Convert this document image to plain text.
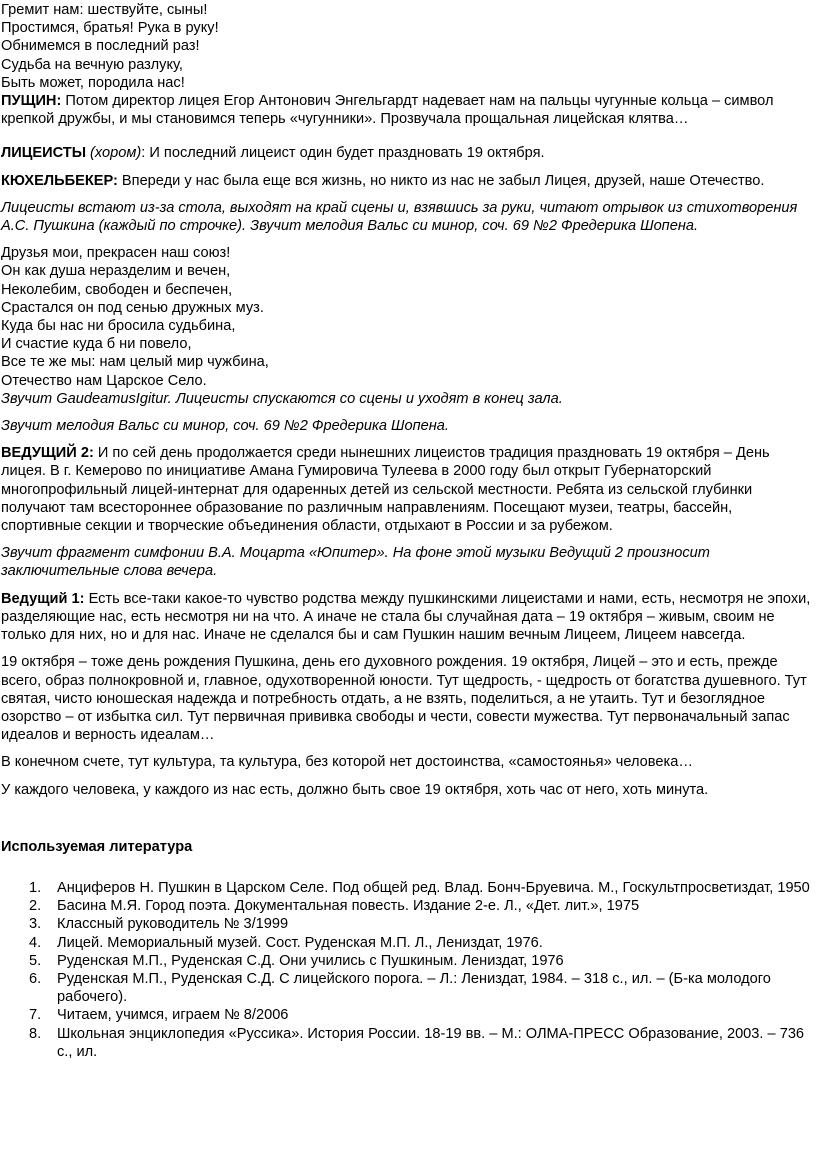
Гремит нам: шествуйте, сыны!
Простимся, братья! Рука в руку!
Обнимемся в последний раз!
Судьба на вечную разлуку,
Быть может, породила нас!

ПУЩИН: Потом директор лицея Егор Антонович Энгельгардт надевает нам на пальцы чугунные кольца – символ крепкой дружбы, и мы становимся теперь «чугунники». Прозвучала прощальная лицейская клятва…

ЛИЦЕИСТЫ (хором): И последний лицеист один будет праздновать 19 октября.

КЮХЕЛЬБЕКЕР: Впереди у нас была еще вся жизнь, но никто из нас не забыл Лицея, друзей, наше Отечество.

Лицеисты встают из-за стола, выходят на край сцены и, взявшись за руки, читают отрывок из стихотворения А.С. Пушкина (каждый по строчке). Звучит мелодия Вальс си минор, соч. 69 №2 Фредерика Шопена.

Друзья мои, прекрасен наш союз!
Он как душа неразделим и вечен,
Неколебим, свободен и беспечен,
Срастался он под сенью дружных муз.
Куда бы нас ни бросила судьбина,
И счастие куда б ни повело,
Все те же мы: нам целый мир чужбина,
Отечество нам Царское Село.

Звучит GaudeamusIgitur. Лицеисты спускаются со сцены и уходят в конец зала.

Звучит мелодия Вальс си минор, соч. 69 №2 Фредерика Шопена.

ВЕДУЩИЙ 2: И по сей день продолжается среди нынешних лицеистов традиция праздновать 19 октября – День лицея. В г. Кемерово по инициативе Амана Гумировича Тулеева в 2000 году был открыт Губернаторский многопрофильный лицей-интернат для одаренных детей из сельской местности. Ребята из сельской глубинки получают там всестороннее образование по различным направлениям. Посещают музеи, театры, бассейн, спортивные секции и творческие объединения области, отдыхают в России и за рубежом.

Звучит фрагмент симфонии В.А. Моцарта «Юпитер». На фоне этой музыки Ведущий 2 произносит заключительные слова вечера.

Ведущий 1: Есть все-таки какое-то чувство родства между пушкинскими лицеистами и нами, есть, несмотря не эпохи, разделяющие нас, есть несмотря ни на что. А иначе не стала бы случайная дата – 19 октября – живым, своим не только для них, но и для нас. Иначе не сделался бы и сам Пушкин нашим вечным Лицеем, Лицеем навсегда.

19 октября – тоже день рождения Пушкина, день его духовного рождения. 19 октября, Лицей – это и есть, прежде всего, образ полнокровной и, главное, одухотворенной юности. Тут щедрость, - щедрость от богатства душевного. Тут святая, чисто юношеская надежда и потребность отдать, а не взять, поделиться, а не утаить. Тут и безоглядное озорство – от избытка сил. Тут первичная прививка свободы и чести, совести мужества. Тут первоначальный запас идеалов и верность идеалам…

В конечном счете, тут культура, та культура, без которой нет достоинства, «самостоянья» человека…

У каждого человека, у каждого из нас есть, должно быть свое 19 октября, хоть час от него, хоть минута.

Используемая литература

1. Анциферов Н. Пушкин в Царском Селе. Под общей ред. Влад. Бонч-Бруевича. М., Госкультпросветиздат, 1950
2. Басина М.Я. Город поэта. Документальная повесть. Издание 2-е. Л., «Дет. лит.», 1975
3. Классный руководитель № 3/1999
4. Лицей. Мемориальный музей. Сост. Руденская М.П. Л., Лениздат, 1976.
5. Руденская М.П., Руденская С.Д. Они учились с Пушкиным. Лениздат, 1976
6. Руденская М.П., Руденская С.Д. С лицейского порога. – Л.: Лениздат, 1984. – 318 с., ил. – (Б-ка молодого рабочего).
7. Читаем, учимся, играем № 8/2006
8. Школьная энциклопедия «Руссика». История России. 18-19 вв. – М.: ОЛМА-ПРЕСС Образование, 2003. – 736 с., ил.
